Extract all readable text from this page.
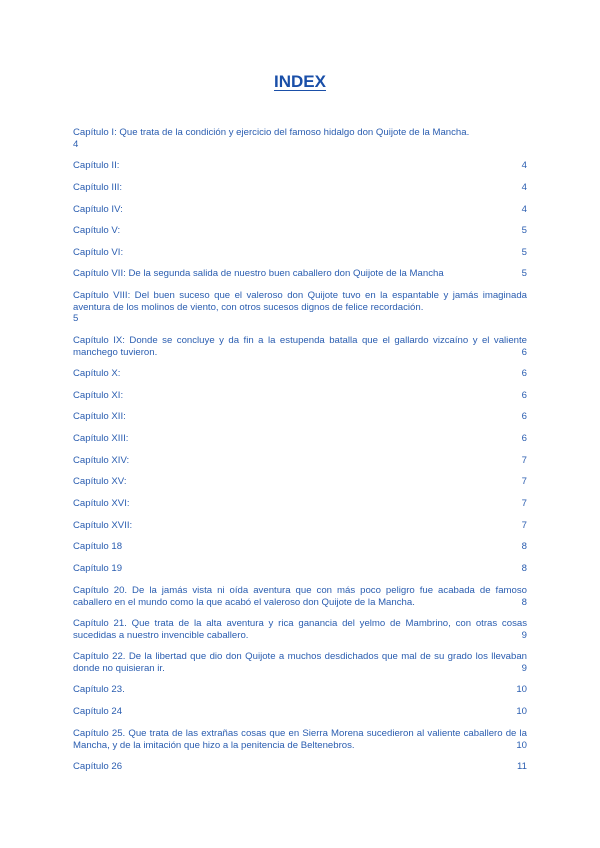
INDEX
Capítulo I: Que trata de la condición y ejercicio del famoso hidalgo don Quijote de la Mancha.
4
Capítulo II:	4
Capítulo III:	4
Capítulo IV:	4
Capítulo V:	5
Capítulo VI:	5
Capítulo VII: De la segunda salida de nuestro buen caballero don Quijote de la Mancha	5
Capítulo VIII: Del buen suceso que el valeroso don Quijote tuvo en la espantable y jamás imaginada aventura de los molinos de viento, con otros sucesos dignos de felice recordación.
5
Capítulo IX: Donde se concluye y da fin a la estupenda batalla que el gallardo vizcaíno y el valiente manchego tuvieron.	6
Capítulo X:	6
Capítulo XI:	6
Capítulo XII:	6
Capítulo XIII:	6
Capítulo XIV:	7
Capítulo XV:	7
Capítulo XVI:	7
Capítulo XVII:	7
Capítulo 18	8
Capítulo 19	8
Capítulo 20. De la jamás vista ni oída aventura que con más poco peligro fue acabada de famoso caballero en el mundo como la que acabó el valeroso don Quijote de la Mancha.	8
Capítulo 21. Que trata de la alta aventura y rica ganancia del yelmo de Mambrino, con otras cosas sucedidas a nuestro invencible caballero.	9
Capítulo 22. De la libertad que dio don Quijote a muchos desdichados que mal de su grado los llevaban donde no quisieran ir.	9
Capítulo 23.	10
Capítulo 24	10
Capítulo 25. Que trata de las extrañas cosas que en Sierra Morena sucedieron al valiente caballero de la Mancha, y de la imitación que hizo a la penitencia de Beltenebros.	10
Capítulo 26	11
